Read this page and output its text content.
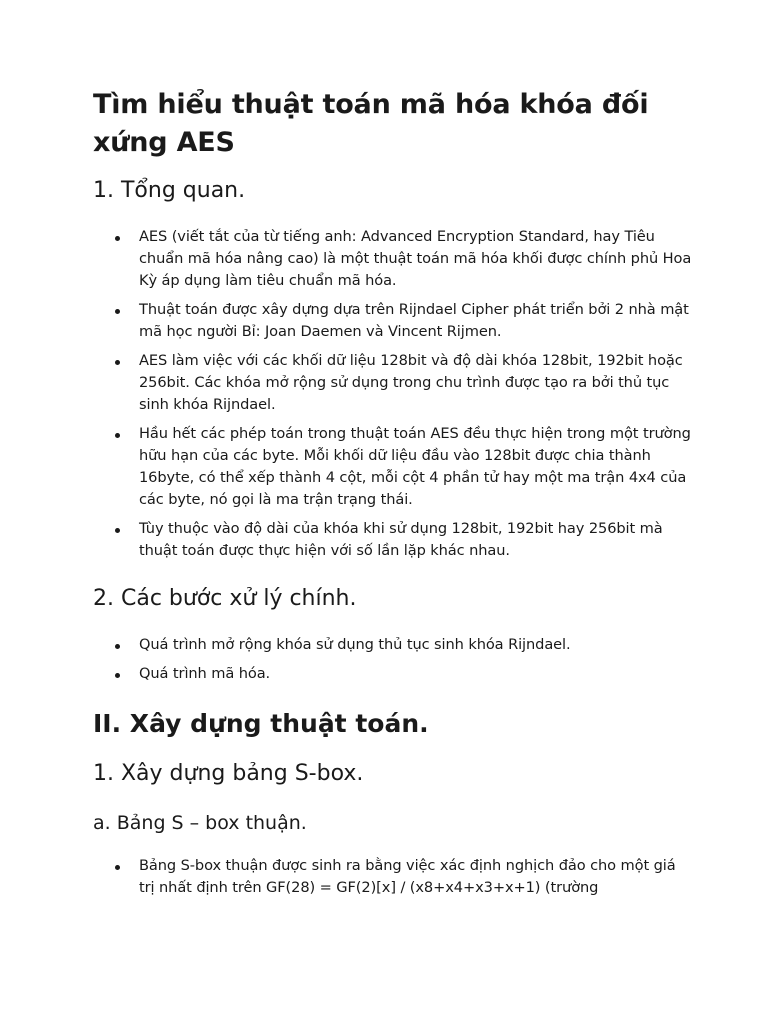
Tìm hiểu thuật toán mã hóa khóa đối xứng AES
1. Tổng quan.
AES (viết tắt của từ tiếng anh: Advanced Encryption Standard, hay Tiêu chuẩn mã hóa nâng cao) là một thuật toán mã hóa khối được chính phủ Hoa Kỳ áp dụng làm tiêu chuẩn mã hóa.
Thuật toán được xây dựng dựa trên Rijndael Cipher phát triển bởi 2 nhà mật mã học người Bỉ: Joan Daemen và Vincent Rijmen.
AES làm việc với các khối dữ liệu 128bit và độ dài khóa 128bit, 192bit hoặc 256bit. Các khóa mở rộng sử dụng trong chu trình được tạo ra bởi thủ tục sinh khóa Rijndael.
Hầu hết các phép toán trong thuật toán AES đều thực hiện trong một trường hữu hạn của các byte. Mỗi khối dữ liệu đầu vào 128bit được chia thành 16byte, có thể xếp thành 4 cột, mỗi cột 4 phần tử hay một ma trận 4x4 của các byte, nó gọi là ma trận trạng thái.
Tùy thuộc vào độ dài của khóa khi sử dụng 128bit, 192bit hay 256bit mà thuật toán được thực hiện với số lần lặp khác nhau.
2. Các bước xử lý chính.
Quá trình mở rộng khóa sử dụng thủ tục sinh khóa Rijndael.
Quá trình mã hóa.
II. Xây dựng thuật toán.
1. Xây dựng bảng S-box.
a. Bảng S – box thuận.
Bảng S-box thuận được sinh ra bằng việc xác định nghịch đảo cho một giá trị nhất định trên GF(28) = GF(2)[x] / (x8+x4+x3+x+1) (trường
